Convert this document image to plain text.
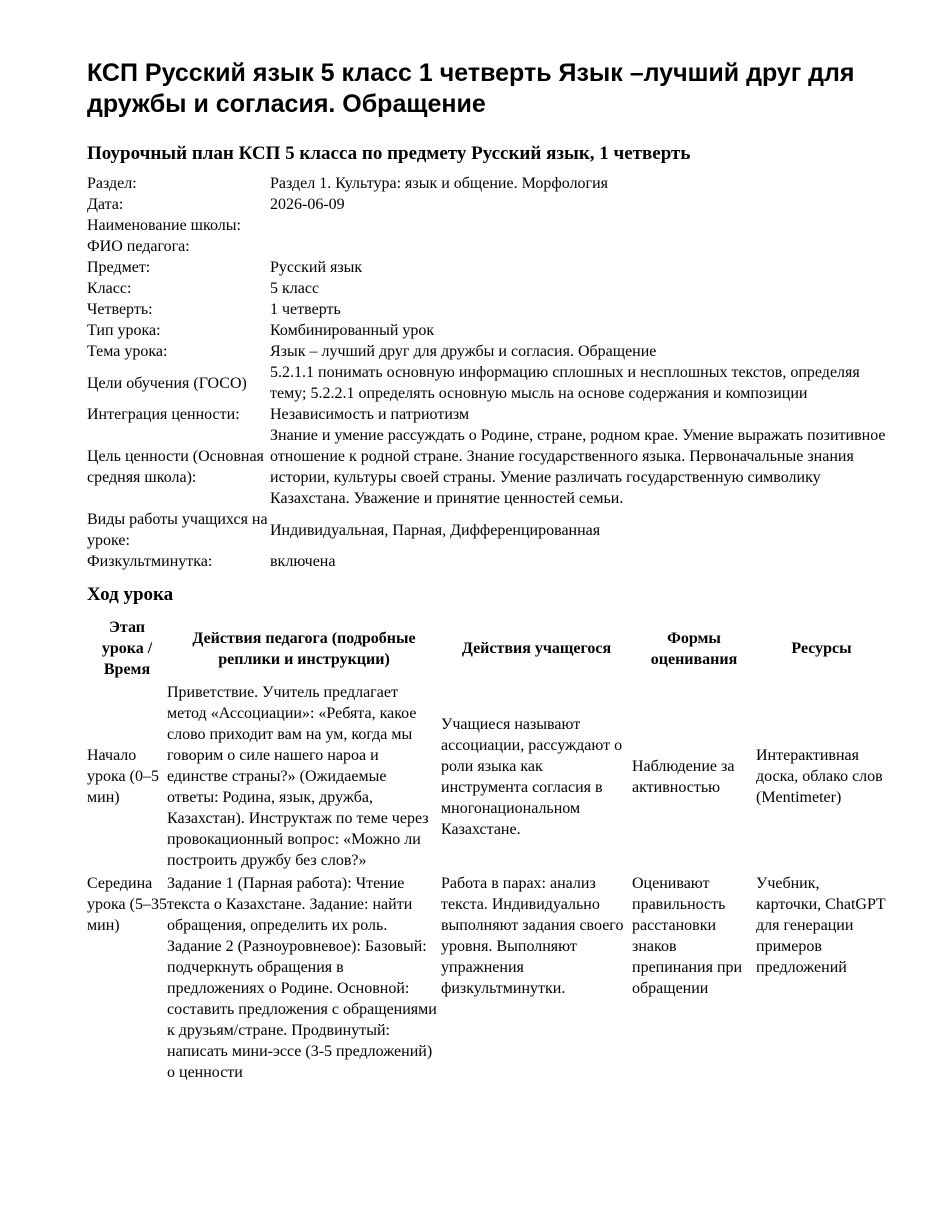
КСП Русский язык 5 класс 1 четверть Язык –лучший друг для дружбы и согласия. Обращение
Поурочный план КСП 5 класса по предмету Русский язык, 1 четверть
Раздел:	Раздел 1. Культура: язык и общение. Морфология
Дата:	2026-06-09
Наименование школы:	
ФИО педагога:	
Предмет:	Русский язык
Класс:	5 класс
Четверть:	1 четверть
Тип урока:	Комбинированный урок
Тема урока:	Язык – лучший друг для дружбы и согласия. Обращение
Цели обучения (ГОСО)	5.2.1.1 понимать основную информацию сплошных и несплошных текстов, определяя тему; 5.2.2.1 определять основную мысль на основе содержания и композиции
Интеграция ценности:	Независимость и патриотизм
Цель ценности (Основная средняя школа):	Знание и умение рассуждать о Родине, стране, родном крае. Умение выражать позитивное отношение к родной стране. Знание государственного языка. Первоначальные знания истории, культуры своей страны. Умение различать государственную символику Казахстана. Уважение и принятие ценностей семьи.
Виды работы учащихся на уроке:	Индивидуальная, Парная, Дифференцированная
Физкультминутка:	включена
Ход урока
Этап урока / Время	Действия педагога (подробные реплики и инструкции)	Действия учащегося	Формы оценивания	Ресурсы
Начало урока (0–5 мин)	Приветствие. Учитель предлагает метод «Ассоциации»: «Ребята, какое слово приходит вам на ум, когда мы говорим о силе нашего нароа и единстве страны?» (Ожидаемые ответы: Родина, язык, дружба, Казахстан). Инструктаж по теме через провокационный вопрос: «Можно ли построить дружбу без слов?»	Учащиеся называют ассоциации, рассуждают о роли языка как инструмента согласия в многонациональном Казахстане.	Наблюдение за активностью	Интерактивная доска, облако слов (Mentimeter)
Середина урока (5–35 мин)	Задание 1 (Парная работа): Чтение текста о Казахстане. Задание: найти обращения, определить их роль. Задание 2 (Разноуровневое): Базовый: подчеркнуть обращения в предложениях о Родине. Основной: составить предложения с обращениями к друзьям/стране. Продвинутый: написать мини-эссе (3-5 предложений) о ценности	Работа в парах: анализ текста. Индивидуально выполняют задания своего уровня. Выполняют упражнения физкультминутки.	Оценивают правильность расстановки знаков препинания при обращении	Учебник, карточки, ChatGPT для генерации примеров предложений
